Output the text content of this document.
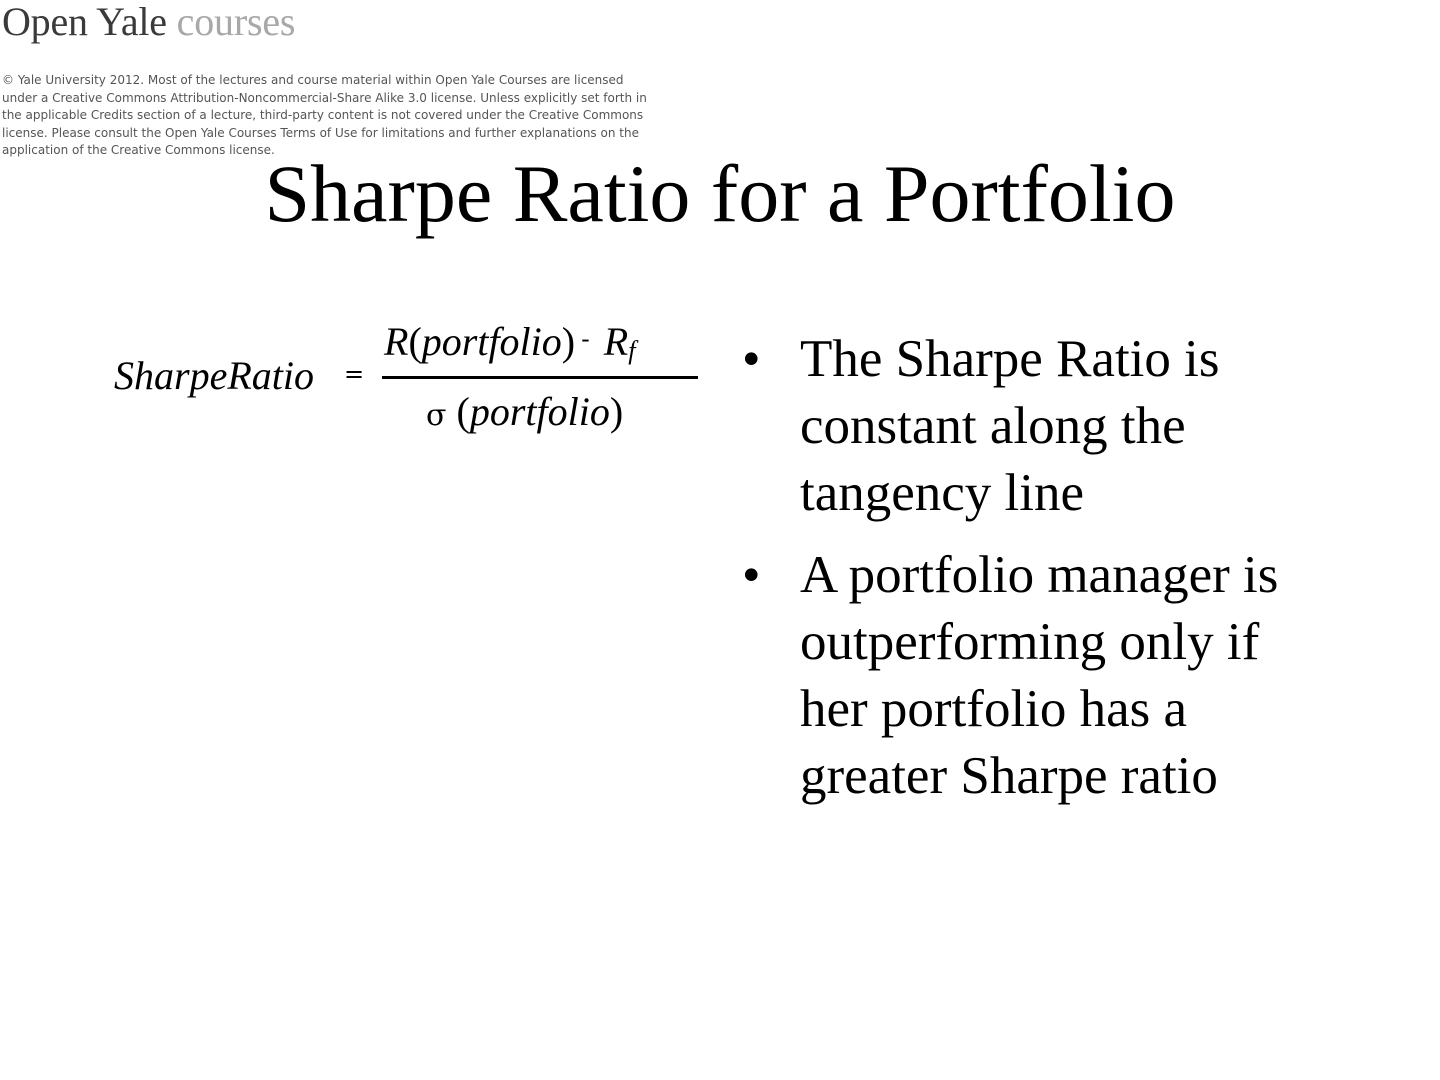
Open Yale courses
© Yale University 2012. Most of the lectures and course material within Open Yale Courses are licensed
under a Creative Commons Attribution-Noncommercial-Share Alike 3.0 license. Unless explicitly set forth in
the applicable Credits section of a lecture, third-party content is not covered under the Creative Commons
license. Please consult the Open Yale Courses Terms of Use for limitations and further explanations on the
application of the Creative Commons license.
Sharpe Ratio for a Portfolio
SharpeRatio =
R(portfolio) - $R_f$
σ (portfolio)
• The Sharpe Ratio is
constant along the
tangency line
• A portfolio manager is
outperforming only if
her portfolio has a
greater Sharpe ratio
